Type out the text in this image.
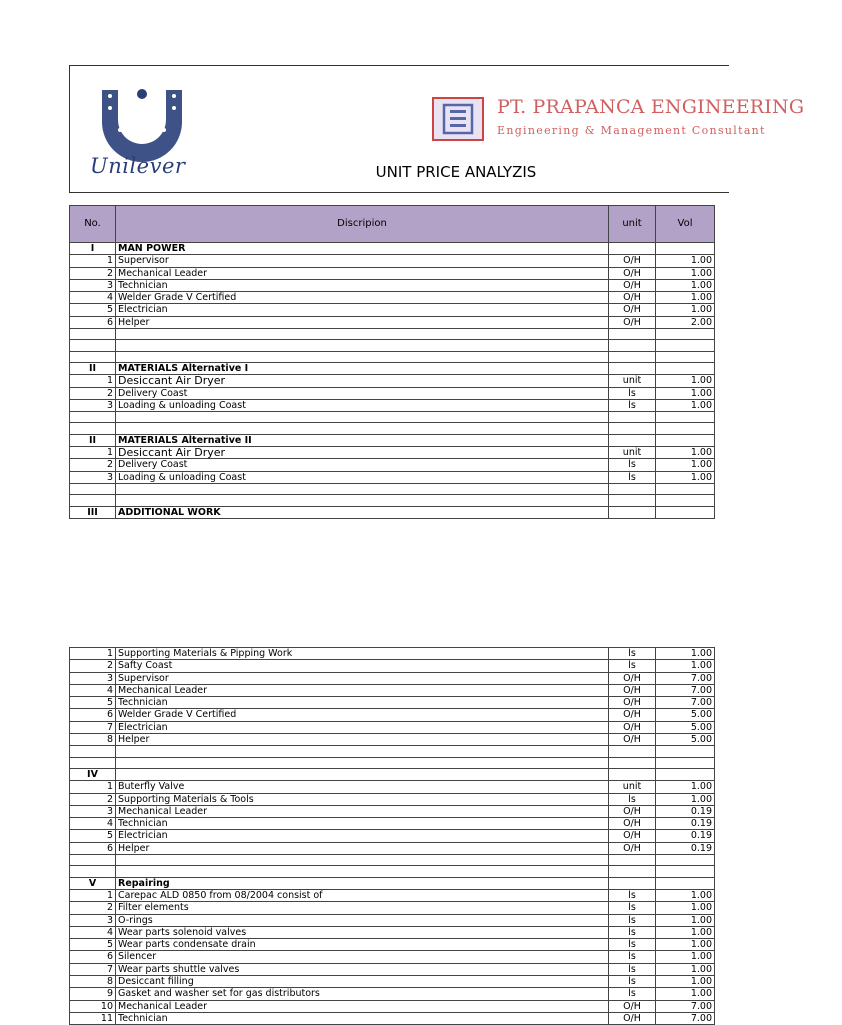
Unilever
PT. PRAPANCA ENGINEERING
Engineering & Management Consultant
UNIT PRICE ANALYZIS
No.	Discripion	unit	Vol
I	MAN POWER		
1	Supervisor	O/H	1.00
2	Mechanical Leader	O/H	1.00
3	Technician	O/H	1.00
4	Welder Grade V Certified	O/H	1.00
5	Electrician	O/H	1.00
6	Helper	O/H	2.00

II	MATERIALS Alternative I		
1	Desiccant Air Dryer	unit	1.00
2	Delivery Coast	ls	1.00
3	Loading & unloading Coast	ls	1.00

II	MATERIALS Alternative II		
1	Desiccant Air Dryer	unit	1.00
2	Delivery Coast	ls	1.00
3	Loading & unloading Coast	ls	1.00

III	ADDITIONAL WORK		
1	Supporting Materials & Pipping Work	ls	1.00
2	Safty Coast	ls	1.00
3	Supervisor	O/H	7.00
4	Mechanical Leader	O/H	7.00
5	Technician	O/H	7.00
6	Welder Grade V Certified	O/H	5.00
7	Electrician	O/H	5.00
8	Helper	O/H	5.00

IV			
1	Buterfly Valve	unit	1.00
2	Supporting Materials & Tools	ls	1.00
3	Mechanical Leader	O/H	0.19
4	Technician	O/H	0.19
5	Electrician	O/H	0.19
6	Helper	O/H	0.19

V	Repairing		
1	Carepac ALD 0850 from 08/2004 consist of	ls	1.00
2	Filter elements	ls	1.00
3	O-rings	ls	1.00
4	Wear parts solenoid valves	ls	1.00
5	Wear parts condensate drain	ls	1.00
6	Silencer	ls	1.00
7	Wear parts shuttle valves	ls	1.00
8	Desiccant filling	ls	1.00
9	Gasket and washer set for gas distributors	ls	1.00
10	Mechanical Leader	O/H	7.00
11	Technician	O/H	7.00
